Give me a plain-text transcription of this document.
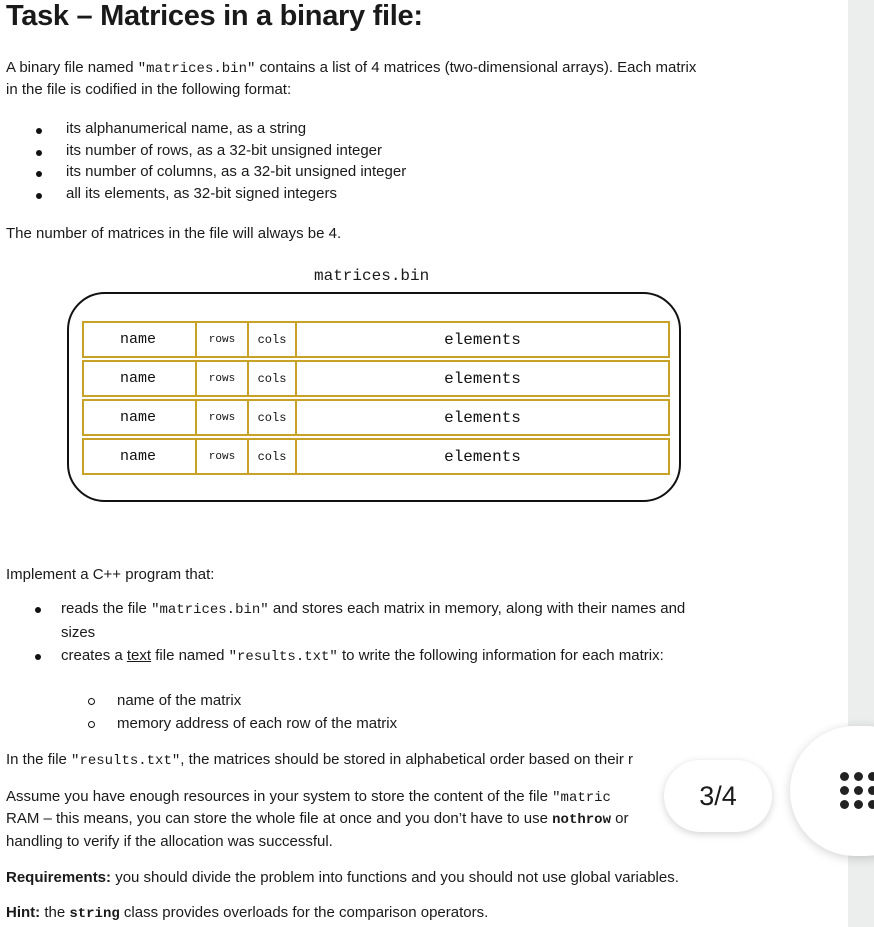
Task – Matrices in a binary file:

A binary file named "matrices.bin" contains a list of 4 matrices (two-dimensional arrays). Each matrix

in the file is codified in the following format:

its alphanumerical name, as a string
its number of rows, as a 32-bit unsigned integer
its number of columns, as a 32-bit unsigned integer
all its elements, as 32-bit signed integers

The number of matrices in the file will always be 4.

matrices.bin
name	rows	cols	elements
name	rows	cols	elements
name	rows	cols	elements
name	rows	cols	elements

Implement a C++ program that:

reads the file "matrices.bin" and stores each matrix in memory, along with their names and
sizes
creates a text file named "results.txt" to write the following information for each matrix:
name of the matrix
memory address of each row of the matrix

In the file "results.txt", the matrices should be stored in alphabetical order based on their r

Assume you have enough resources in your system to store the content of the file "matric

RAM – this means, you can store the whole file at once and you don’t have to use nothrow or

handling to verify if the allocation was successful.

Requirements: you should divide the problem into functions and you should not use global variables.

Hint: the string class provides overloads for the comparison operators.

3/4
